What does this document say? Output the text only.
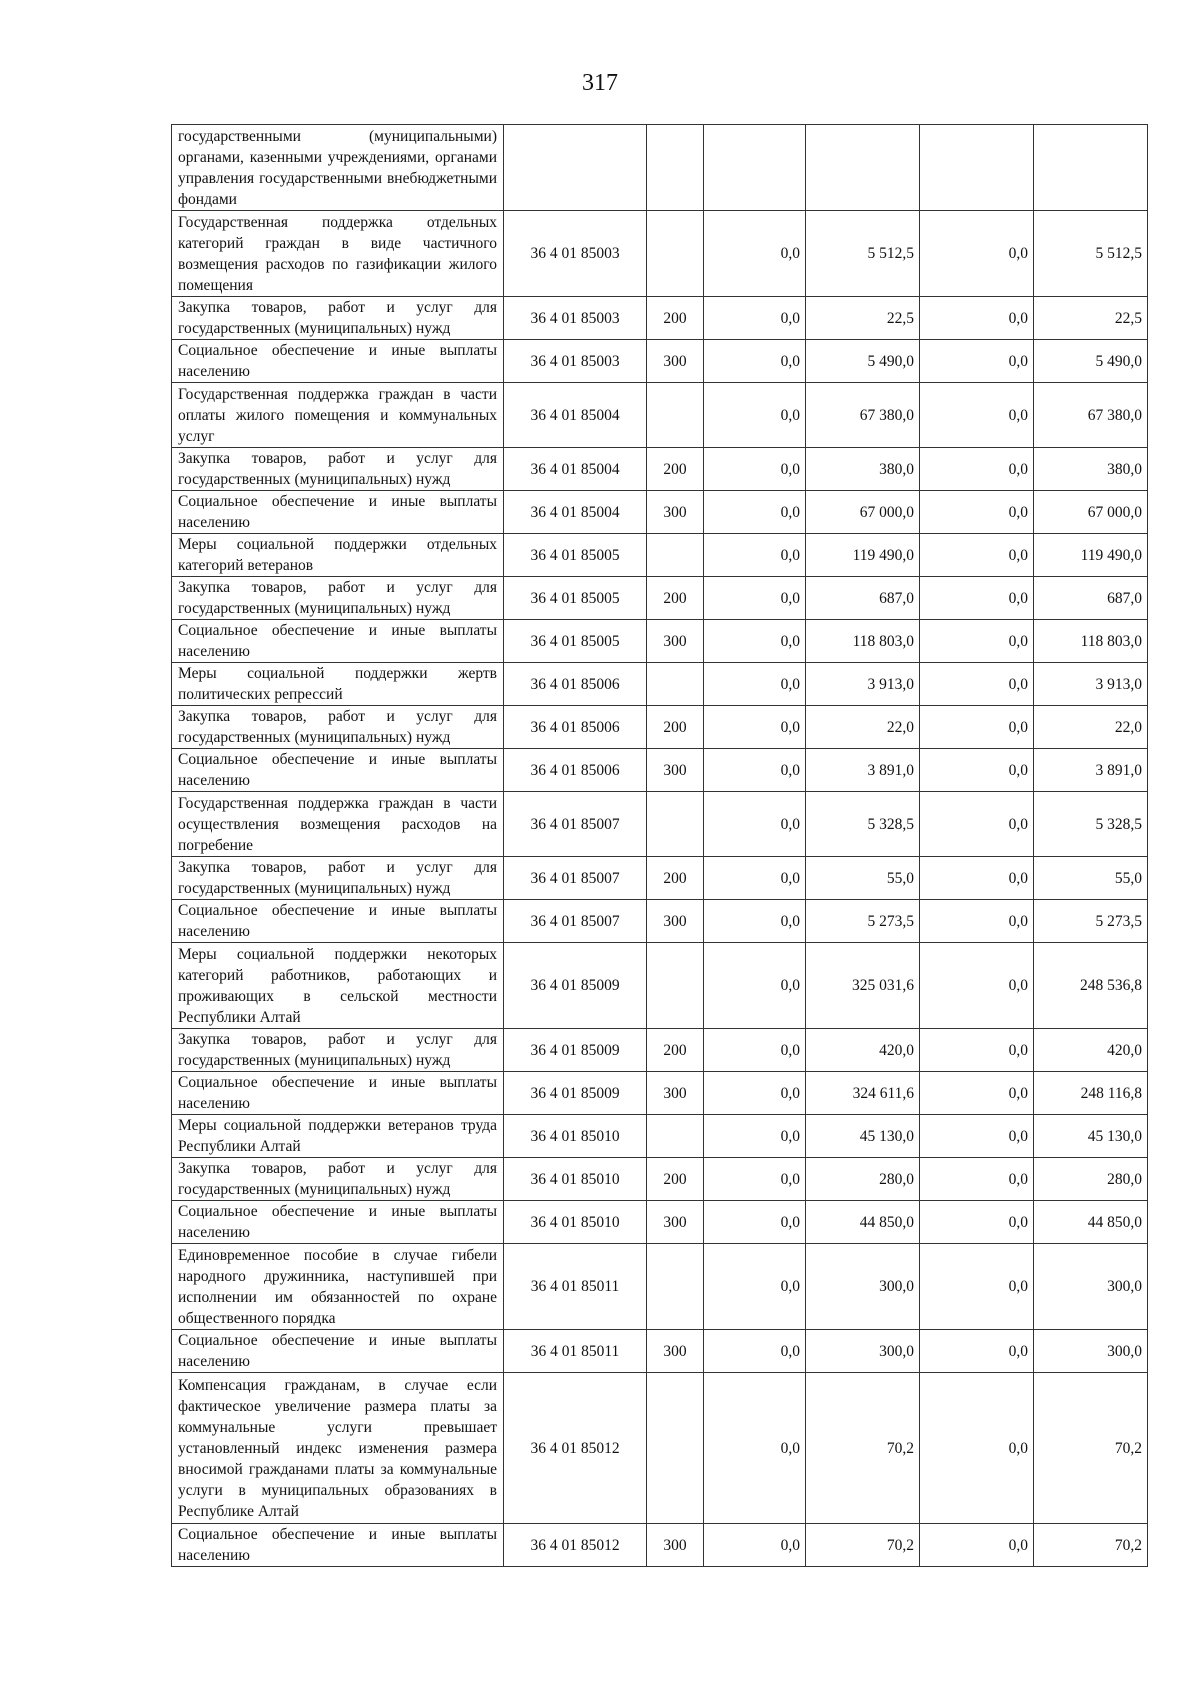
317
государственными (муниципальными) органами, казенными учреждениями, органами управления государственными внебюджетными фондами						
Государственная поддержка отдельных категорий граждан в виде частичного возмещения расходов по газификации жилого помещения	36 4 01 85003		0,0	5 512,5	0,0	5 512,5
Закупка товаров, работ и услуг для государственных (муниципальных) нужд	36 4 01 85003	200	0,0	22,5	0,0	22,5
Социальное обеспечение и иные выплаты населению	36 4 01 85003	300	0,0	5 490,0	0,0	5 490,0
Государственная поддержка граждан в части оплаты жилого помещения и коммунальных услуг	36 4 01 85004		0,0	67 380,0	0,0	67 380,0
Закупка товаров, работ и услуг для государственных (муниципальных) нужд	36 4 01 85004	200	0,0	380,0	0,0	380,0
Социальное обеспечение и иные выплаты населению	36 4 01 85004	300	0,0	67 000,0	0,0	67 000,0
Меры социальной поддержки отдельных категорий ветеранов	36 4 01 85005		0,0	119 490,0	0,0	119 490,0
Закупка товаров, работ и услуг для государственных (муниципальных) нужд	36 4 01 85005	200	0,0	687,0	0,0	687,0
Социальное обеспечение и иные выплаты населению	36 4 01 85005	300	0,0	118 803,0	0,0	118 803,0
Меры социальной поддержки жертв политических репрессий	36 4 01 85006		0,0	3 913,0	0,0	3 913,0
Закупка товаров, работ и услуг для государственных (муниципальных) нужд	36 4 01 85006	200	0,0	22,0	0,0	22,0
Социальное обеспечение и иные выплаты населению	36 4 01 85006	300	0,0	3 891,0	0,0	3 891,0
Государственная поддержка граждан в части осуществления возмещения расходов на погребение	36 4 01 85007		0,0	5 328,5	0,0	5 328,5
Закупка товаров, работ и услуг для государственных (муниципальных) нужд	36 4 01 85007	200	0,0	55,0	0,0	55,0
Социальное обеспечение и иные выплаты населению	36 4 01 85007	300	0,0	5 273,5	0,0	5 273,5
Меры социальной поддержки некоторых категорий работников, работающих и проживающих в сельской местности Республики Алтай	36 4 01 85009		0,0	325 031,6	0,0	248 536,8
Закупка товаров, работ и услуг для государственных (муниципальных) нужд	36 4 01 85009	200	0,0	420,0	0,0	420,0
Социальное обеспечение и иные выплаты населению	36 4 01 85009	300	0,0	324 611,6	0,0	248 116,8
Меры социальной поддержки ветеранов труда Республики Алтай	36 4 01 85010		0,0	45 130,0	0,0	45 130,0
Закупка товаров, работ и услуг для государственных (муниципальных) нужд	36 4 01 85010	200	0,0	280,0	0,0	280,0
Социальное обеспечение и иные выплаты населению	36 4 01 85010	300	0,0	44 850,0	0,0	44 850,0
Единовременное пособие в случае гибели народного дружинника, наступившей при исполнении им обязанностей по охране общественного порядка	36 4 01 85011		0,0	300,0	0,0	300,0
Социальное обеспечение и иные выплаты населению	36 4 01 85011	300	0,0	300,0	0,0	300,0
Компенсация гражданам, в случае если фактическое увеличение размера платы за коммунальные услуги превышает установленный индекс изменения размера вносимой гражданами платы за коммунальные услуги в муниципальных образованиях в Республике Алтай	36 4 01 85012		0,0	70,2	0,0	70,2
Социальное обеспечение и иные выплаты населению	36 4 01 85012	300	0,0	70,2	0,0	70,2
